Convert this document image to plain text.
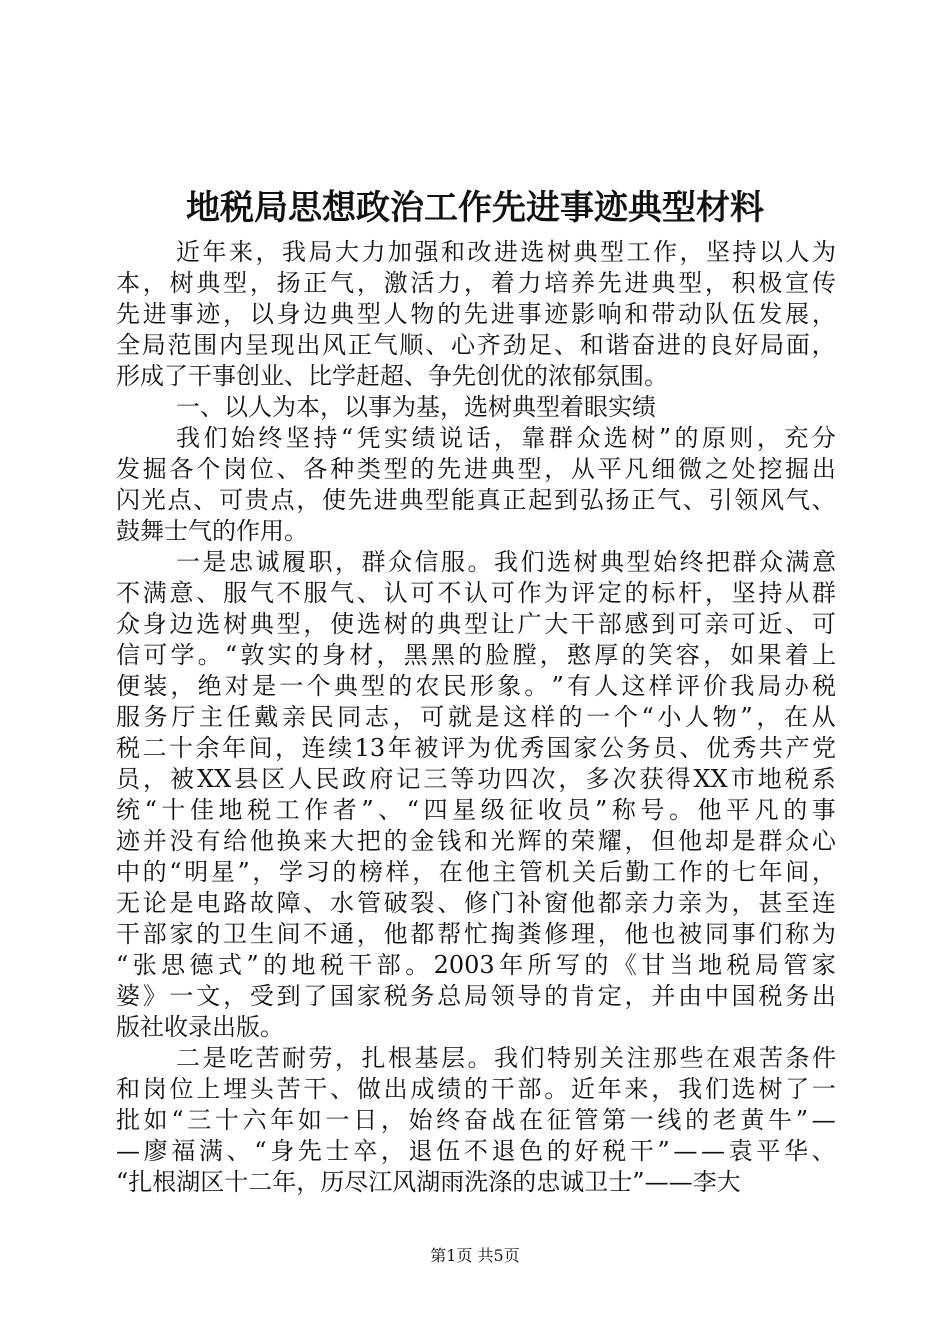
地税局思想政治工作先进事迹典型材料
近 年 来 ， 我 局 大 力 加 强 和 改 进 选 树 典 型 工 作 ， 坚 持 以 人 为
本 ， 树 典 型 ， 扬 正 气 ， 激 活 力 ， 着 力 培 养 先 进 典 型 ， 积 极 宣 传
先 进 事 迹 ， 以 身 边 典 型 人 物 的 先 进 事 迹 影 响 和 带 动 队 伍 发 展 ，
全 局 范 围 内 呈 现 出 风 正 气 顺 、 心 齐 劲 足 、 和 谐 奋 进 的 良 好 局 面 ，
形 成 了 干 事 创 业 、 比 学 赶 超 、 争 先 创 优 的 浓 郁 氛 围 。
一 、 以 人 为 本 ， 以 事 为 基 ， 选 树 典 型 着 眼 实 绩
我 们 始 终 坚 持 “ 凭 实 绩 说 话 ， 靠 群 众 选 树 ” 的 原 则 ， 充 分
发 掘 各 个 岗 位 、 各 种 类 型 的 先 进 典 型 ， 从 平 凡 细 微 之 处 挖 掘 出
闪 光 点 、 可 贵 点 ， 使 先 进 典 型 能 真 正 起 到 弘 扬 正 气 、 引 领 风 气 、
鼓 舞 士 气 的 作 用 。
一 是 忠 诚 履 职 ， 群 众 信 服 。 我 们 选 树 典 型 始 终 把 群 众 满 意
不 满 意 、 服 气 不 服 气 、 认 可 不 认 可 作 为 评 定 的 标 杆 ， 坚 持 从 群
众 身 边 选 树 典 型 ， 使 选 树 的 典 型 让 广 大 干 部 感 到 可 亲 可 近 、 可
信 可 学 。 “ 敦 实 的 身 材 ， 黑 黑 的 脸 膛 ， 憨 厚 的 笑 容 ， 如 果 着 上
便 装 ， 绝 对 是 一 个 典 型 的 农 民 形 象 。 ” 有 人 这 样 评 价 我 局 办 税
服 务 厅 主 任 戴 亲 民 同 志 ， 可 就 是 这 样 的 一 个 “ 小 人 物 ” ， 在 从
税 二 十 余 年 间 ， 连 续 13 年 被 评 为 优 秀 国 家 公 务 员 、 优 秀 共 产 党
员 ， 被 XX 县 区 人 民 政 府 记 三 等 功 四 次 ， 多 次 获 得 XX 市 地 税 系
统 “ 十 佳 地 税 工 作 者 ” 、 “ 四 星 级 征 收 员 ” 称 号 。 他 平 凡 的 事
迹 并 没 有 给 他 换 来 大 把 的 金 钱 和 光 辉 的 荣 耀 ， 但 他 却 是 群 众 心
中 的 “ 明 星 ” ， 学 习 的 榜 样 ， 在 他 主 管 机 关 后 勤 工 作 的 七 年 间 ，
无 论 是 电 路 故 障 、 水 管 破 裂 、 修 门 补 窗 他 都 亲 力 亲 为 ， 甚 至 连
干 部 家 的 卫 生 间 不 通 ， 他 都 帮 忙 掏 粪 修 理 ， 他 也 被 同 事 们 称 为
“ 张 思 德 式 ” 的 地 税 干 部 。 2003 年 所 写 的 《 甘 当 地 税 局 管 家
婆 》 一 文 ， 受 到 了 国 家 税 务 总 局 领 导 的 肯 定 ， 并 由 中 国 税 务 出
版 社 收 录 出 版 。
二 是 吃 苦 耐 劳 ， 扎 根 基 层 。 我 们 特 别 关 注 那 些 在 艰 苦 条 件
和 岗 位 上 埋 头 苦 干 、 做 出 成 绩 的 干 部 。 近 年 来 ， 我 们 选 树 了 一
批 如 “ 三 十 六 年 如 一 日 ， 始 终 奋 战 在 征 管 第 一 线 的 老 黄 牛 ” —
— 廖 福 满 、 “ 身 先 士 卒 ， 退 伍 不 退 色 的 好 税 干 ” — — 袁 平 华 、
“ 扎 根 湖 区 十 二 年 ， 历 尽 江 风 湖 雨 洗 涤 的 忠 诚 卫 士 ” — — 李 大
第1页 共5页
